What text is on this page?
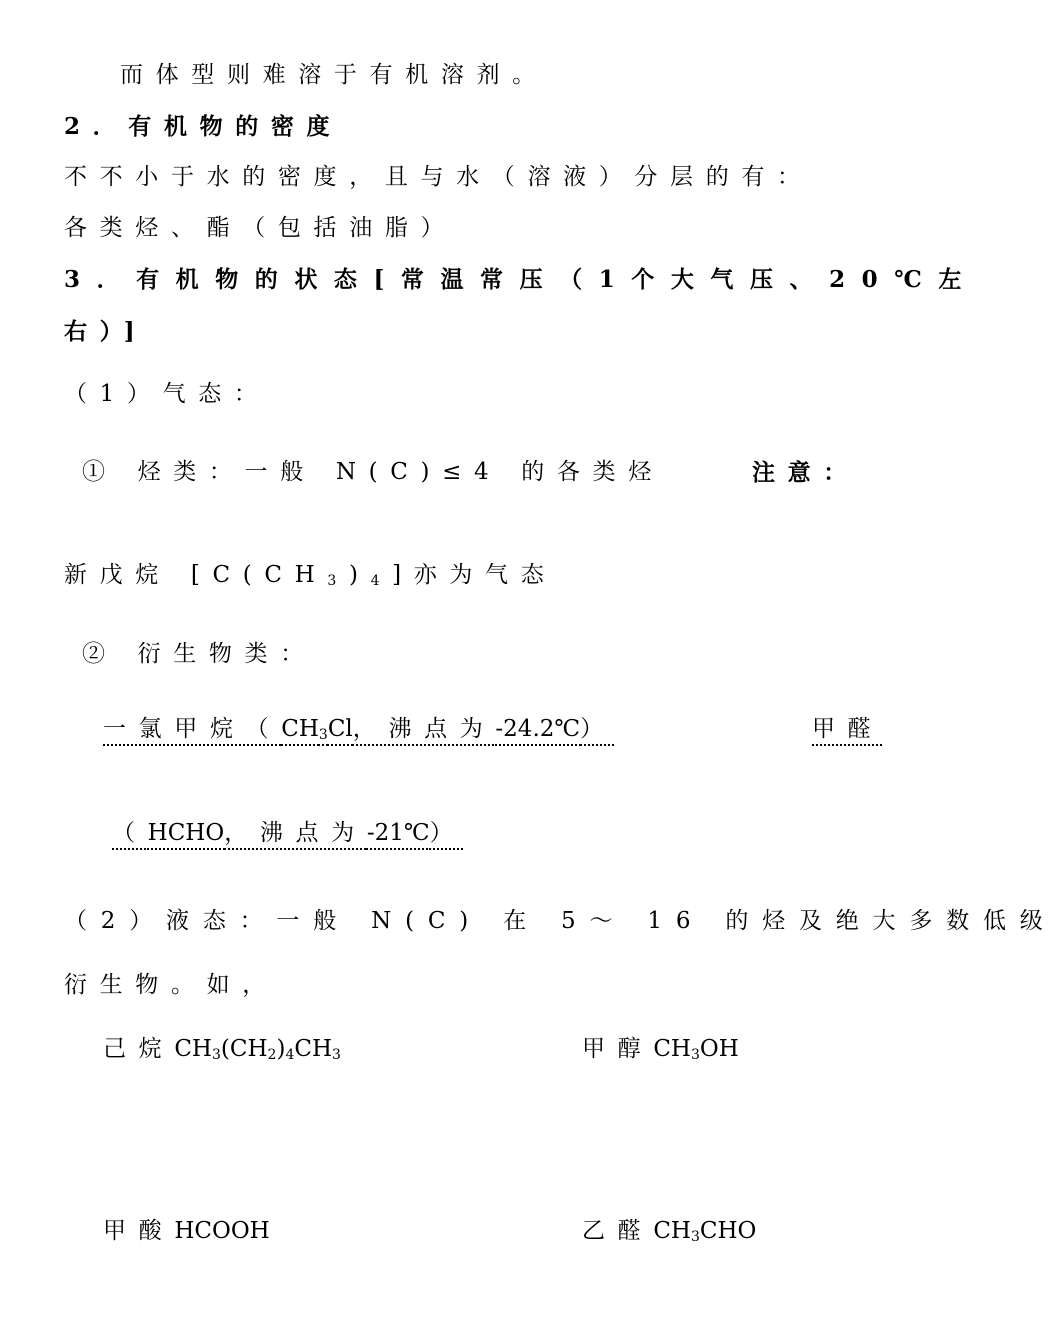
而体型则难溶于有机溶剂。
2．有机物的密度
不不小于水的密度，且与水（溶液）分层的有：
各类烃、酯（包括油脂）
3．有机物的状态[常温常压（1个大气压、20℃左
右）]
（1）气态：
① 烃类：一般 N(C)≤4 的各类烃	注意：
新戊烷 $[C(CH_3)_4]$亦为气态
② 衍生物类：
一氯甲烷（$CH_3Cl$，沸点为-24.2℃）	甲醛
（HCHO，沸点为-21℃）
（2）液态：一般 N(C) 在 5～ 16 的烃及绝大多数低级
衍生物。如，
己烷$CH_3(CH_2)_4CH_3$	甲醇$CH_3OH$
甲酸HCOOH	乙醛$CH_3CHO$
